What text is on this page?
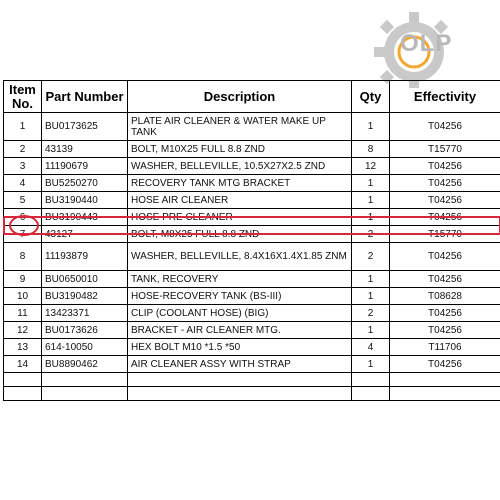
OLP
Item No.	Part Number	Description	Qty	Effectivity
1	BU0173625	PLATE AIR CLEANER & WATER MAKE UP TANK	1	T04256
2	43139	BOLT, M10X25 FULL 8.8 ZND	8	T15770
3	11190679	WASHER, BELLEVILLE, 10.5X27X2.5 ZND	12	T04256
4	BU5250270	RECOVERY TANK MTG BRACKET	1	T04256
5	BU3190440	HOSE AIR CLEANER	1	T04256
6	BU3190443	HOSE PRE CLEANER	1	T04256
7	43127	BOLT, M8X25 FULL 8.8 ZND	2	T15770
8	11193879	WASHER, BELLEVILLE, 8.4X16X1.4X1.85 ZNM	2	T04256
9	BU0650010	TANK, RECOVERY	1	T04256
10	BU3190482	HOSE-RECOVERY TANK (BS-III)	1	T08628
11	13423371	CLIP (COOLANT HOSE) (BIG)	2	T04256
12	BU0173626	BRACKET - AIR CLEANER MTG.	1	T04256
13	614-10050	HEX BOLT M10 *1.5 *50	4	T11706
14	BU8890462	AIR CLEANER ASSY WITH STRAP	1	T04256
